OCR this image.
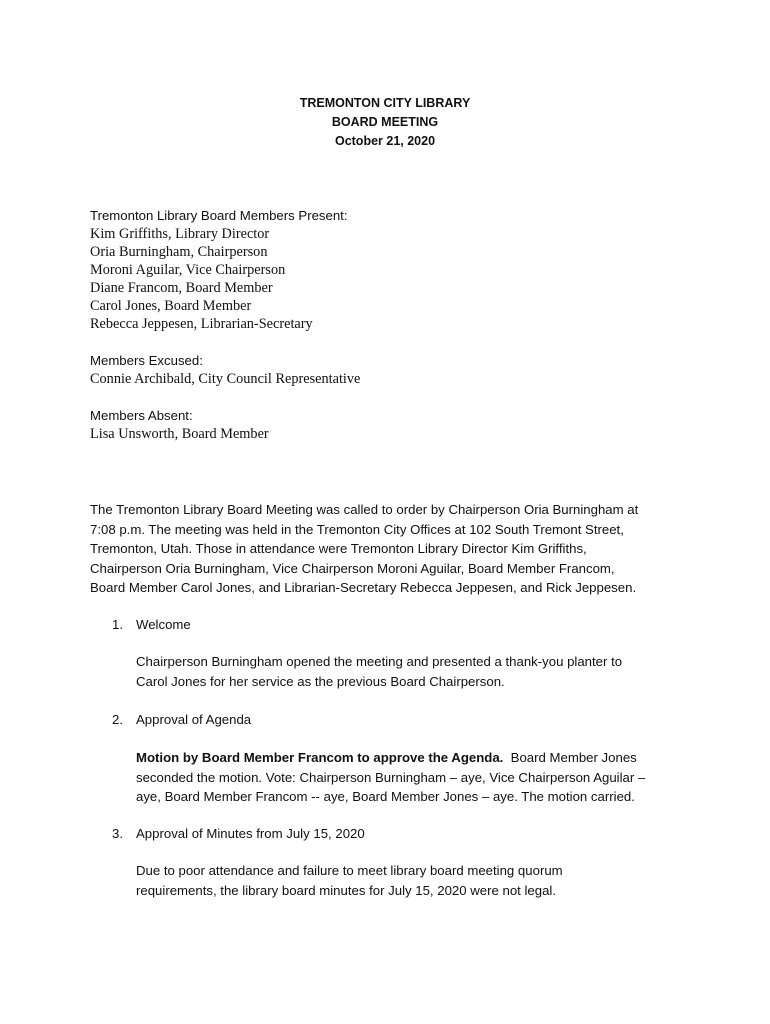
TREMONTON CITY LIBRARY
BOARD MEETING
October 21, 2020
Tremonton Library Board Members Present:
Kim Griffiths, Library Director
Oria Burningham, Chairperson
Moroni Aguilar, Vice Chairperson
Diane Francom, Board Member
Carol Jones, Board Member
Rebecca Jeppesen, Librarian-Secretary
Members Excused:
Connie Archibald, City Council Representative
Members Absent:
Lisa Unsworth, Board Member
The Tremonton Library Board Meeting was called to order by Chairperson Oria Burningham at
7:08 p.m. The meeting was held in the Tremonton City Offices at 102 South Tremont Street,
Tremonton, Utah. Those in attendance were Tremonton Library Director Kim Griffiths,
Chairperson Oria Burningham, Vice Chairperson Moroni Aguilar, Board Member Francom,
Board Member Carol Jones, and Librarian-Secretary Rebecca Jeppesen, and Rick Jeppesen.
1. Welcome
Chairperson Burningham opened the meeting and presented a thank-you planter to
Carol Jones for her service as the previous Board Chairperson.
2. Approval of Agenda
Motion by Board Member Francom to approve the Agenda.  Board Member Jones
seconded the motion. Vote: Chairperson Burningham – aye, Vice Chairperson Aguilar –
aye, Board Member Francom -- aye, Board Member Jones – aye. The motion carried.
3. Approval of Minutes from July 15, 2020
Due to poor attendance and failure to meet library board meeting quorum
requirements, the library board minutes for July 15, 2020 were not legal.
